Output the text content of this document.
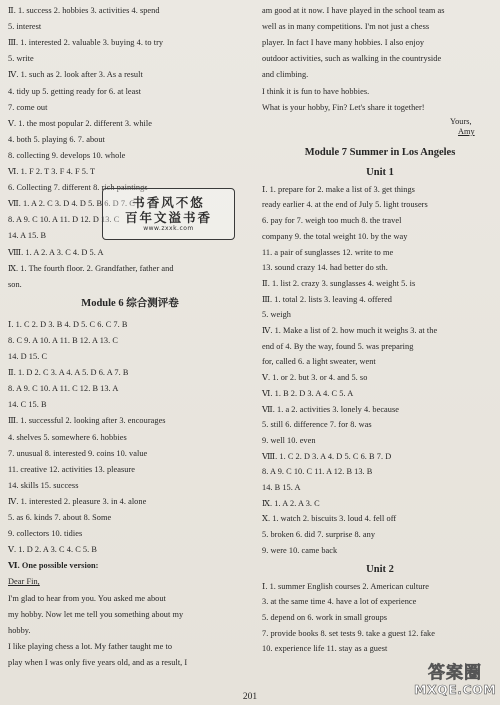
Ⅱ. 1. success 2. hobbies 3. activities 4. spend
5. interest
Ⅲ. 1. interested 2. valuable 3. buying 4. to try
5. write
Ⅳ. 1. such as 2. look after 3. As a result
4. tidy up 5. getting ready for 6. at least
7. come out
Ⅴ. 1. the most popular 2. different 3. while
4. both 5. playing 6. 7. about
8. collecting 9. develops 10. whole
Ⅵ. 1. F 2. T 3. F 4. F 5. T
6. Collecting 7. different 8. rich paintings
Ⅶ. 1. A 2. C 3. D 4. D 5. B 6. D 7. C
8. A 9. C 10. A 11. D 12. D 13. C
14. A 15. B
Ⅷ. 1. A 2. A 3. C 4. D 5. A
Ⅸ. 1. The fourth floor. 2. Grandfather, father and
son.
Module 6 综合测评卷
Ⅰ. 1. C 2. D 3. B 4. D 5. C 6. C 7. B
8. C 9. A 10. A 11. B 12. A 13. C
14. D 15. C
Ⅱ. 1. D 2. C 3. A 4. A 5. D 6. A 7. B
8. A 9. C 10. A 11. C 12. B 13. A
14. C 15. B
Ⅲ. 1. successful 2. looking after 3. encourages
4. shelves 5. somewhere 6. hobbies
7. unusual 8. interested 9. coins 10. value
11. creative 12. activities 13. pleasure
14. skills 15. success
Ⅳ. 1. interested 2. pleasure 3. in 4. alone
5. as 6. kinds 7. about 8. Some
9. collectors 10. tidies
Ⅴ. 1. D 2. A 3. C 4. C 5. B
Ⅵ. One possible version:
Dear Fin,
I'm glad to hear from you. You asked me about
my hobby. Now let me tell you something about my
hobby.
I like playing chess a lot. My father taught me to
play when I was only five years old, and as a result, I
am good at it now. I have played in the school team as
well as in many competitions. I'm not just a chess
player. In fact I have many hobbies. I also enjoy
outdoor activities, such as walking in the countryside
and climbing.
I think it is fun to have hobbies.
What is your hobby, Fin? Let's share it together!
Yours,
Amy
Module 7 Summer in Los Angeles
Unit 1
Ⅰ. 1. prepare for 2. make a list of 3. get things
ready earlier 4. at the end of July 5. light trousers
6. pay for 7. weigh too much 8. the travel
company 9. the total weight 10. by the way
11. a pair of sunglasses 12. write to me
13. sound crazy 14. had better do sth.
Ⅱ. 1. list 2. crazy 3. sunglasses 4. weight 5. is
Ⅲ. 1. total 2. lists 3. leaving 4. offered
5. weigh
Ⅳ. 1. Make a list of 2. how much it weighs 3. at the
end of 4. By the way, found 5. was preparing
for, called 6. a light sweater, went
Ⅴ. 1. or 2. but 3. or 4. and 5. so
Ⅵ. 1. B 2. D 3. A 4. C 5. A
Ⅶ. 1. a 2. activities 3. lonely 4. because
5. still 6. difference 7. for 8. was
9. well 10. even
Ⅷ. 1. C 2. D 3. A 4. D 5. C 6. B 7. D
8. A 9. C 10. C 11. A 12. B 13. B
14. B 15. A
Ⅸ. 1. A 2. A 3. C
Ⅹ. 1. watch 2. biscuits 3. loud 4. fell off
5. broken 6. did 7. surprise 8. any
9. were 10. came back
Unit 2
Ⅰ. 1. summer English courses 2. American culture
3. at the same time 4. have a lot of experience
5. depend on 6. work in small groups
7. provide books 8. set tests 9. take a guest 12. fake
10. experience life 11. stay as a guest
书香风不悠
百年文溢书香
www.zxxk.com
答案圈
MXQE.COM
201
